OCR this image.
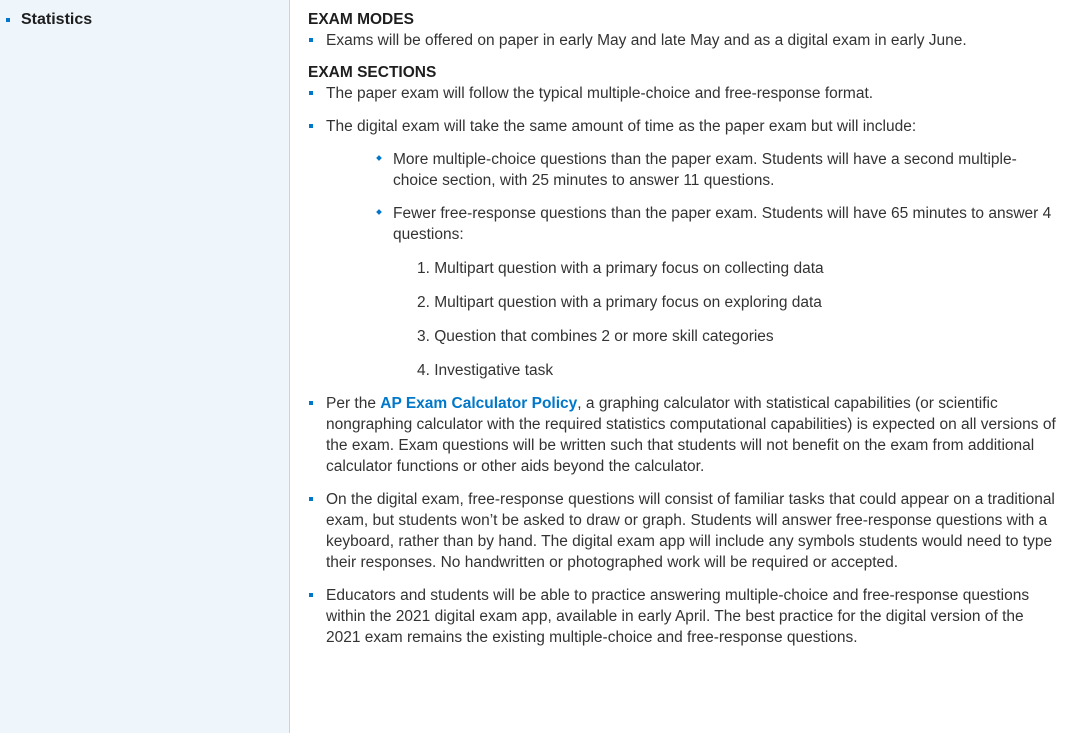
Statistics	EXAM MODES
Exams will be offered on paper in early May and late May and as a digital exam in early June.
EXAM SECTIONS
The paper exam will follow the typical multiple-choice and free-response format.
The digital exam will take the same amount of time as the paper exam but will include:
More multiple-choice questions than the paper exam. Students will have a second multiple-choice section, with 25 minutes to answer 11 questions.
Fewer free-response questions than the paper exam. Students will have 65 minutes to answer 4 questions:
1. Multipart question with a primary focus on collecting data
2. Multipart question with a primary focus on exploring data
3. Question that combines 2 or more skill categories
4. Investigative task
Per the AP Exam Calculator Policy, a graphing calculator with statistical capabilities (or scientific nongraphing calculator with the required statistics computational capabilities) is expected on all versions of the exam. Exam questions will be written such that students will not benefit on the exam from additional calculator functions or other aids beyond the calculator.
On the digital exam, free-response questions will consist of familiar tasks that could appear on a traditional exam, but students won’t be asked to draw or graph. Students will answer free-response questions with a keyboard, rather than by hand. The digital exam app will include any symbols students would need to type their responses. No handwritten or photographed work will be required or accepted.
Educators and students will be able to practice answering multiple-choice and free-response questions within the 2021 digital exam app, available in early April. The best practice for the digital version of the 2021 exam remains the existing multiple-choice and free-response questions.
